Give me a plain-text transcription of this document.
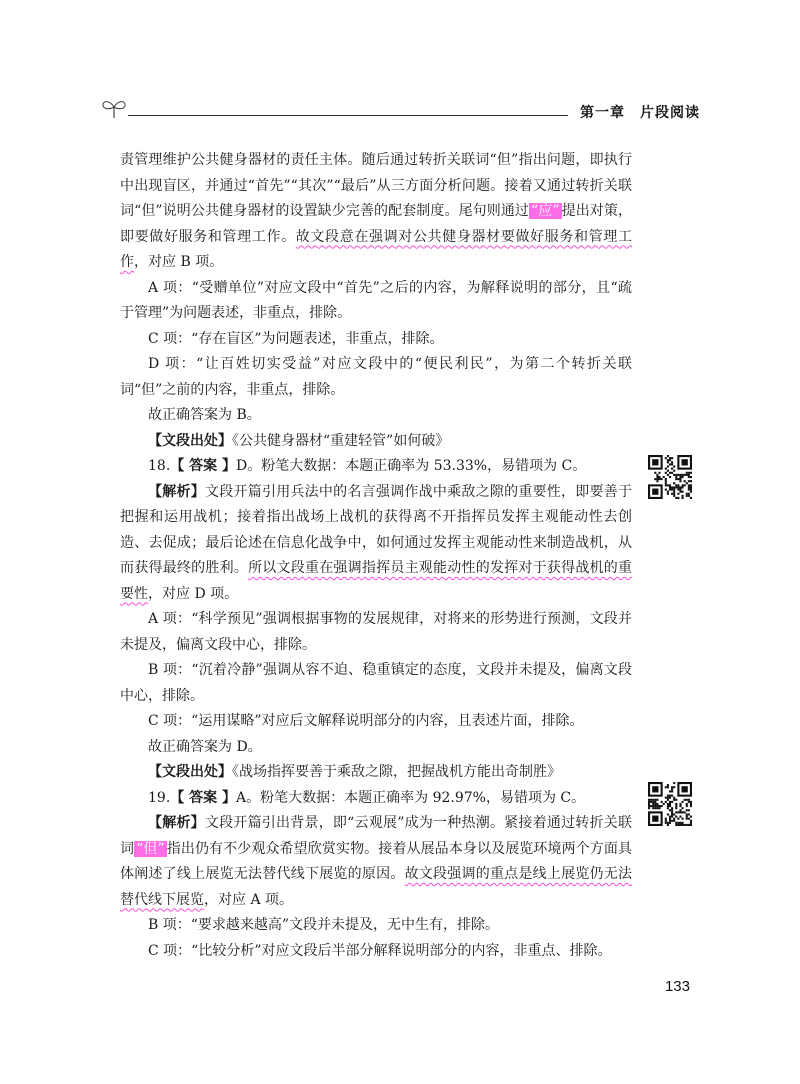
第一章　片段阅读

责管理维护公共健身器材的责任主体。随后通过转折关联词“但”指出问题，即执行中出现盲区，并通过“首先”“其次”“最后”从三方面分析问题。接着又通过转折关联词“但”说明公共健身器材的设置缺少完善的配套制度。尾句则通过 “应” 提出对策，即要做好服务和管理工作。故文段意在强调对公共健身器材要做好服务和管理工作，对应 B 项。

A 项：“受赠单位”对应文段中“首先”之后的内容，为解释说明的部分，且“疏于管理”为问题表述，非重点，排除。

C 项：“存在盲区”为问题表述，非重点，排除。

D 项：“让百姓切实受益”对应文段中的“便民利民”，为第二个转折关联词“但”之前的内容，非重点，排除。

故正确答案为 B。

【文段出处】《公共健身器材“重建轻管”如何破》

18.【 答案 】D。粉笔大数据：本题正确率为 53.33%，易错项为 C。

【解析】文段开篇引用兵法中的名言强调作战中乘敌之隙的重要性，即要善于把握和运用战机；接着指出战场上战机的获得离不开指挥员发挥主观能动性去创造、去促成；最后论述在信息化战争中，如何通过发挥主观能动性来制造战机，从而获得最终的胜利。所以文段重在强调指挥员主观能动性的发挥对于获得战机的重要性，对应 D 项。

A 项：“科学预见”强调根据事物的发展规律，对将来的形势进行预测，文段并未提及，偏离文段中心，排除。

B 项：“沉着冷静”强调从容不迫、稳重镇定的态度，文段并未提及，偏离文段中心，排除。

C 项：“运用谋略”对应后文解释说明部分的内容，且表述片面，排除。

故正确答案为 D。

【文段出处】《战场指挥要善于乘敌之隙，把握战机方能出奇制胜》

19.【 答案 】A。粉笔大数据：本题正确率为 92.97%，易错项为 C。

【解析】文段开篇引出背景，即“云观展”成为一种热潮。紧接着通过转折关联词 “但” 指出仍有不少观众希望欣赏实物。接着从展品本身以及展览环境两个方面具体阐述了线上展览无法替代线下展览的原因。故文段强调的重点是线上展览仍无法替代线下展览，对应 A 项。

B 项：“要求越来越高”文段并未提及，无中生有，排除。

C 项：“比较分析”对应文段后半部分解释说明部分的内容，非重点、排除。

133
